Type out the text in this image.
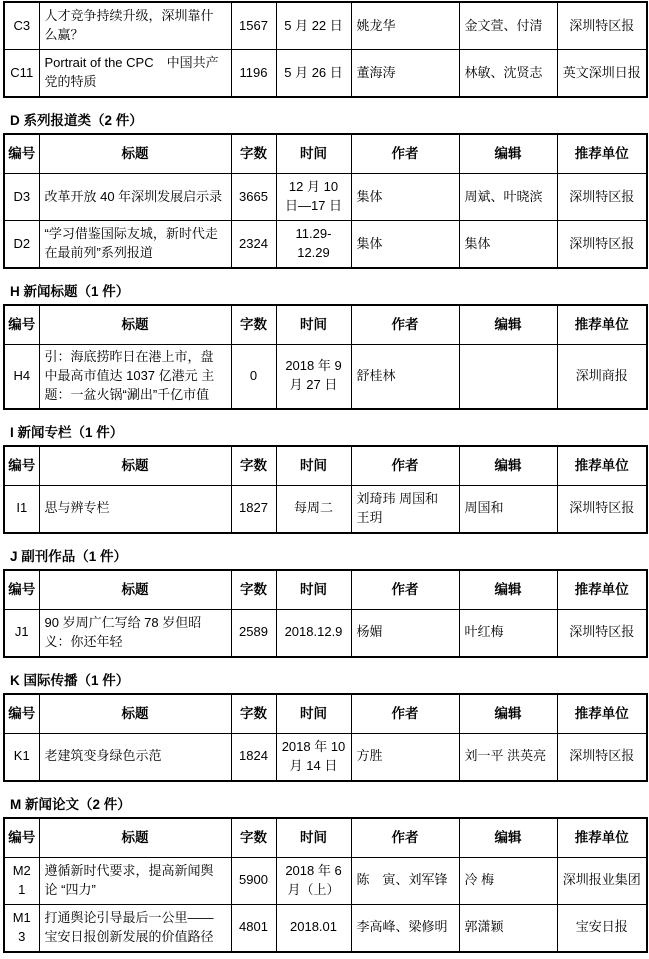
C3	人才竞争持续升级，深圳靠什么赢？	1567	5 月 22 日	姚龙华	金文萱、付清	深圳特区报
C11	Portrait of the CPC　中国共产党的特质	1196	5 月 26 日	董海涛	林敏、沈贤志	英文深圳日报
D 系列报道类（2 件）
编号	标题	字数	时间	作者	编辑	推荐单位
D3	改革开放 40 年深圳发展启示录	3665	12 月 10 日—17 日	集体	周斌、叶晓滨	深圳特区报
D2	“学习借鉴国际友城，新时代走在最前列”系列报道	2324	11.29-12.29	集体	集体	深圳特区报
H 新闻标题（1 件）
编号	标题	字数	时间	作者	编辑	推荐单位
H4	引：海底捞昨日在港上市，盘中最高市值达 1037 亿港元 主题：一盆火锅“涮出”千亿市值	0	2018 年 9 月 27 日	舒桂林		深圳商报
I 新闻专栏（1 件）
编号	标题	字数	时间	作者	编辑	推荐单位
I1	思与辨专栏	1827	每周二	刘琦玮 周国和 王玥	周国和	深圳特区报
J 副刊作品（1 件）
编号	标题	字数	时间	作者	编辑	推荐单位
J1	90 岁周广仁写给 78 岁但昭义：你还年轻	2589	2018.12.9	杨媚	叶红梅	深圳特区报
K 国际传播（1 件）
编号	标题	字数	时间	作者	编辑	推荐单位
K1	老建筑变身绿色示范	1824	2018 年 10 月 14 日	方胜	刘一平 洪英亮	深圳特区报
M 新闻论文（2 件）
编号	标题	字数	时间	作者	编辑	推荐单位
M21	遵循新时代要求，提高新闻舆论 “四力”	5900	2018 年 6 月（上）	陈　寅、刘军锋	冷 梅	深圳报业集团
M13	打通舆论引导最后一公里——宝安日报创新发展的价值路径	4801	2018.01	李高峰、梁修明	郭潇颖	宝安日报
